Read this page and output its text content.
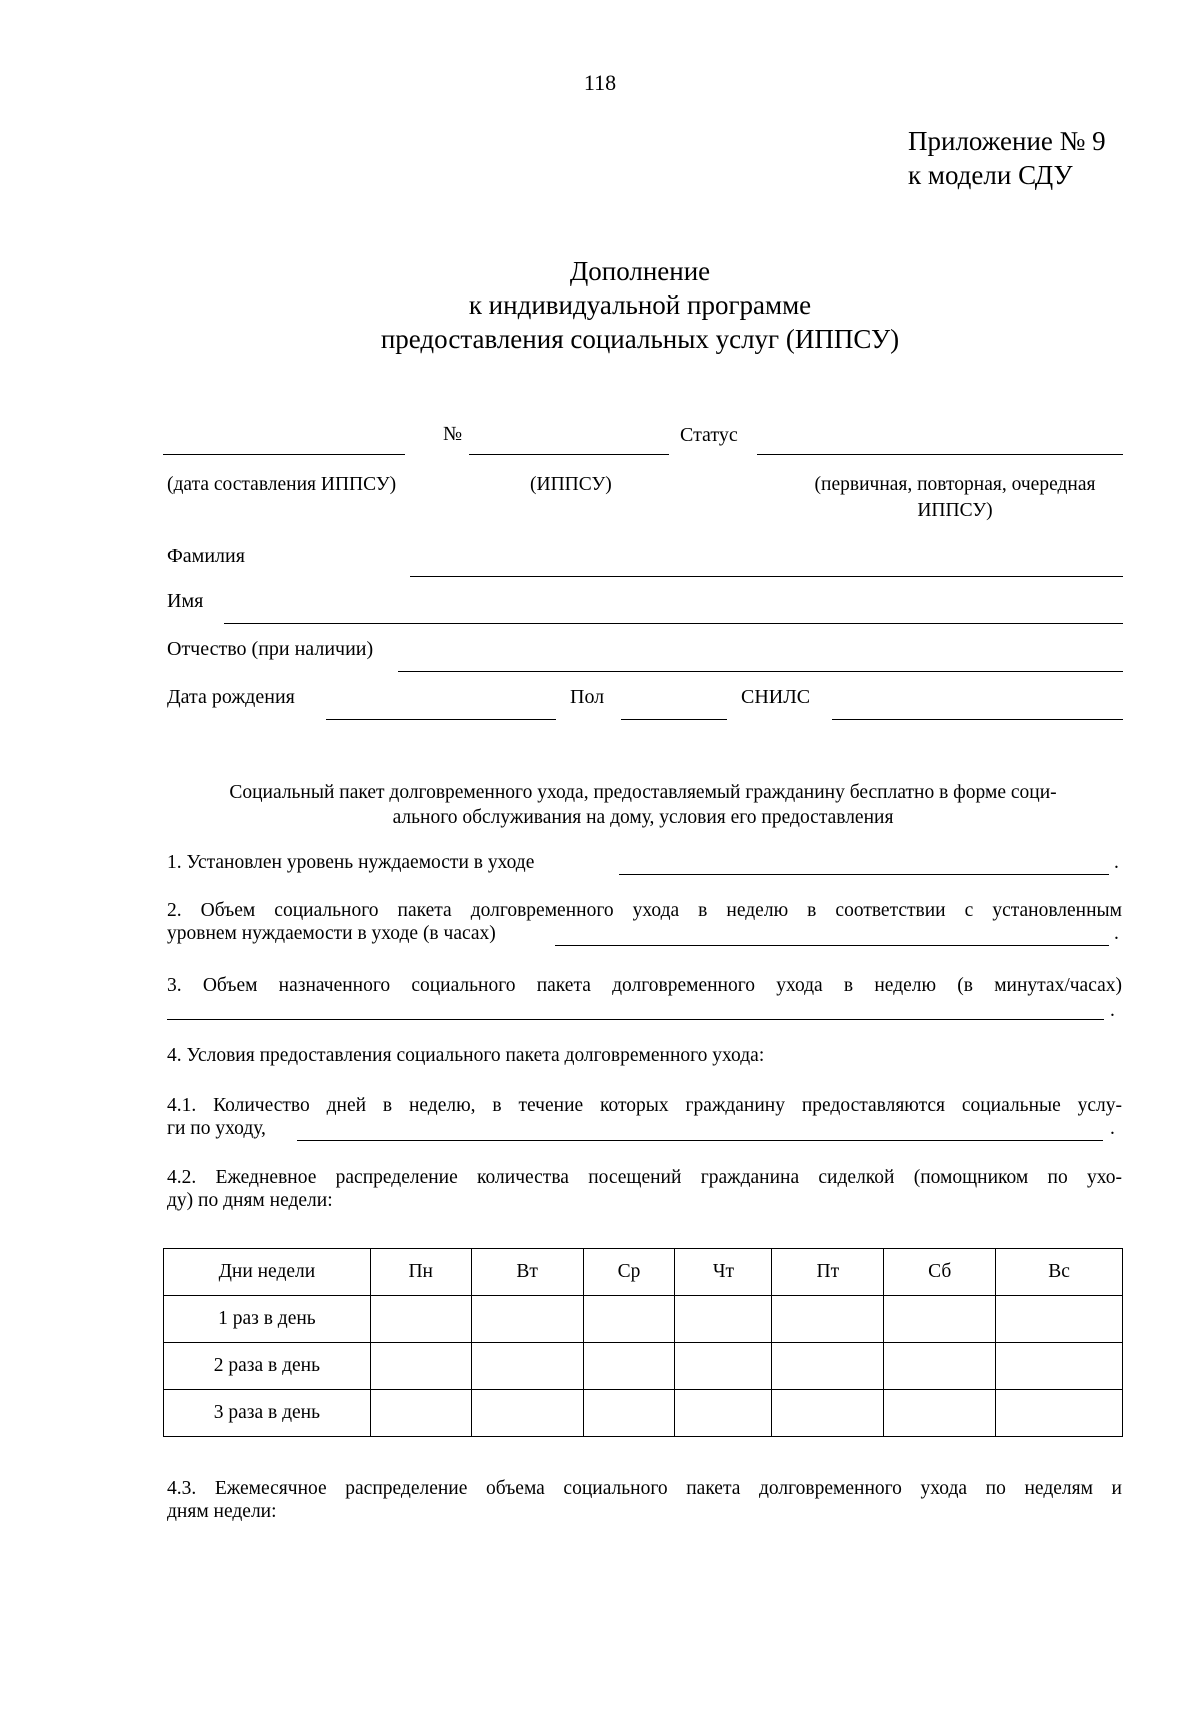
118
Приложение № 9
к модели СДУ
Дополнение
к индивидуальной программе
предоставления социальных услуг (ИППСУ)
№	Статус
(дата составления ИППСУ)	(ИППСУ)	(первичная, повторная, очередная
ИППСУ)
Фамилия
Имя
Отчество (при наличии)
Дата рождения	Пол	СНИЛС
Социальный пакет долговременного ухода, предоставляемый гражданину бесплатно в форме соци-
ального обслуживания на дому, условия его предоставления
1. Установлен уровень нуждаемости в уходе	.
2. Объем социального пакета долговременного ухода в неделю в соответствии с установленным
уровнем нуждаемости в уходе (в часах)	.
3. Объем назначенного социального пакета долговременного ухода в неделю (в минутах/часах)
.
4. Условия предоставления социального пакета долговременного ухода:
4.1. Количество дней в неделю, в течение которых гражданину предоставляются социальные услу-
ги по уходу,	.
4.2. Ежедневное распределение количества посещений гражданина сиделкой (помощником по ухо-
ду) по дням недели:
Дни недели	Пн	Вт	Ср	Чт	Пт	Сб	Вс
1 раз в день							
2 раза в день							
3 раза в день							
4.3. Ежемесячное распределение объема социального пакета долговременного ухода по неделям и
дням недели:
